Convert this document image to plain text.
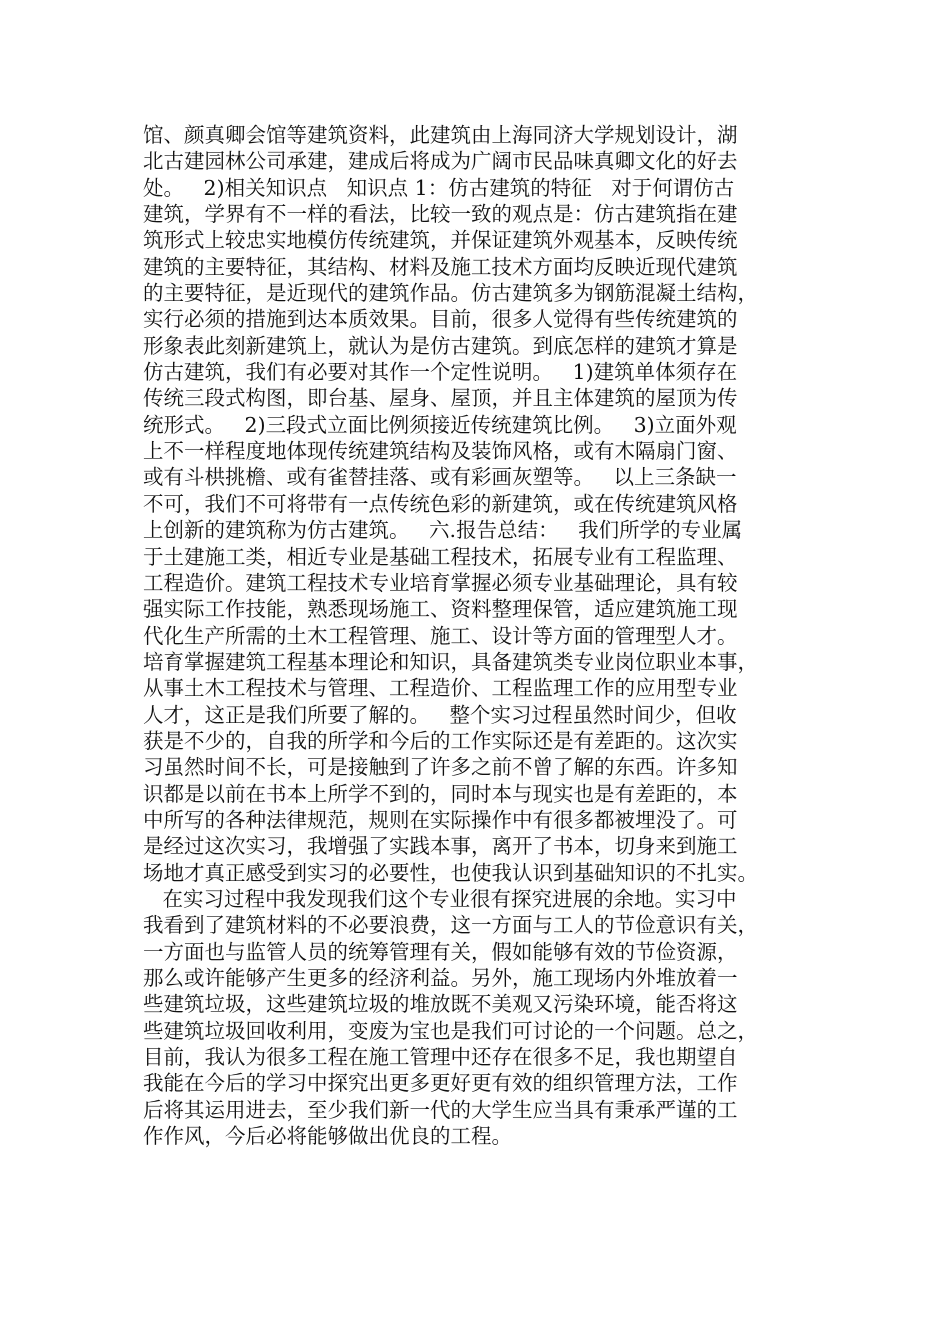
馆、颜真卿会馆等建筑资料，此建筑由上海同济大学规划设计，湖
北古建园林公司承建，建成后将成为广阔市民品味真卿文化的好去
处。   2)相关知识点   知识点 1：仿古建筑的特征   对于何谓仿古
建筑，学界有不一样的看法，比较一致的观点是：仿古建筑指在建
筑形式上较忠实地模仿传统建筑，并保证建筑外观基本，反映传统
建筑的主要特征，其结构、材料及施工技术方面均反映近现代建筑
的主要特征，是近现代的建筑作品。仿古建筑多为钢筋混凝土结构，
实行必须的措施到达本质效果。目前，很多人觉得有些传统建筑的
形象表此刻新建筑上，就认为是仿古建筑。到底怎样的建筑才算是
仿古建筑，我们有必要对其作一个定性说明。   1)建筑单体须存在
传统三段式构图，即台基、屋身、屋顶，并且主体建筑的屋顶为传
统形式。   2)三段式立面比例须接近传统建筑比例。   3)立面外观
上不一样程度地体现传统建筑结构及装饰风格，或有木隔扇门窗、
或有斗栱挑檐、或有雀替挂落、或有彩画灰塑等。   以上三条缺一
不可，我们不可将带有一点传统色彩的新建筑，或在传统建筑风格
上创新的建筑称为仿古建筑。   六.报告总结：   我们所学的专业属
于土建施工类，相近专业是基础工程技术，拓展专业有工程监理、
工程造价。建筑工程技术专业培育掌握必须专业基础理论，具有较
强实际工作技能，熟悉现场施工、资料整理保管，适应建筑施工现
代化生产所需的土木工程管理、施工、设计等方面的管理型人才。
培育掌握建筑工程基本理论和知识，具备建筑类专业岗位职业本事，
从事土木工程技术与管理、工程造价、工程监理工作的应用型专业
人才，这正是我们所要了解的。   整个实习过程虽然时间少，但收
获是不少的，自我的所学和今后的工作实际还是有差距的。这次实
习虽然时间不长，可是接触到了许多之前不曾了解的东西。许多知
识都是以前在书本上所学不到的，同时本与现实也是有差距的，本
中所写的各种法律规范，规则在实际操作中有很多都被埋没了。可
是经过这次实习，我增强了实践本事，离开了书本，切身来到施工
场地才真正感受到实习的必要性，也使我认识到基础知识的不扎实。
在实习过程中我发现我们这个专业很有探究进展的余地。实习中
我看到了建筑材料的不必要浪费，这一方面与工人的节俭意识有关，
一方面也与监管人员的统筹管理有关，假如能够有效的节俭资源，
那么或许能够产生更多的经济利益。另外，施工现场内外堆放着一
些建筑垃圾，这些建筑垃圾的堆放既不美观又污染环境，能否将这
些建筑垃圾回收利用，变废为宝也是我们可讨论的一个问题。总之，
目前，我认为很多工程在施工管理中还存在很多不足，我也期望自
我能在今后的学习中探究出更多更好更有效的组织管理方法，工作
后将其运用进去，至少我们新一代的大学生应当具有秉承严谨的工
作作风，今后必将能够做出优良的工程。
